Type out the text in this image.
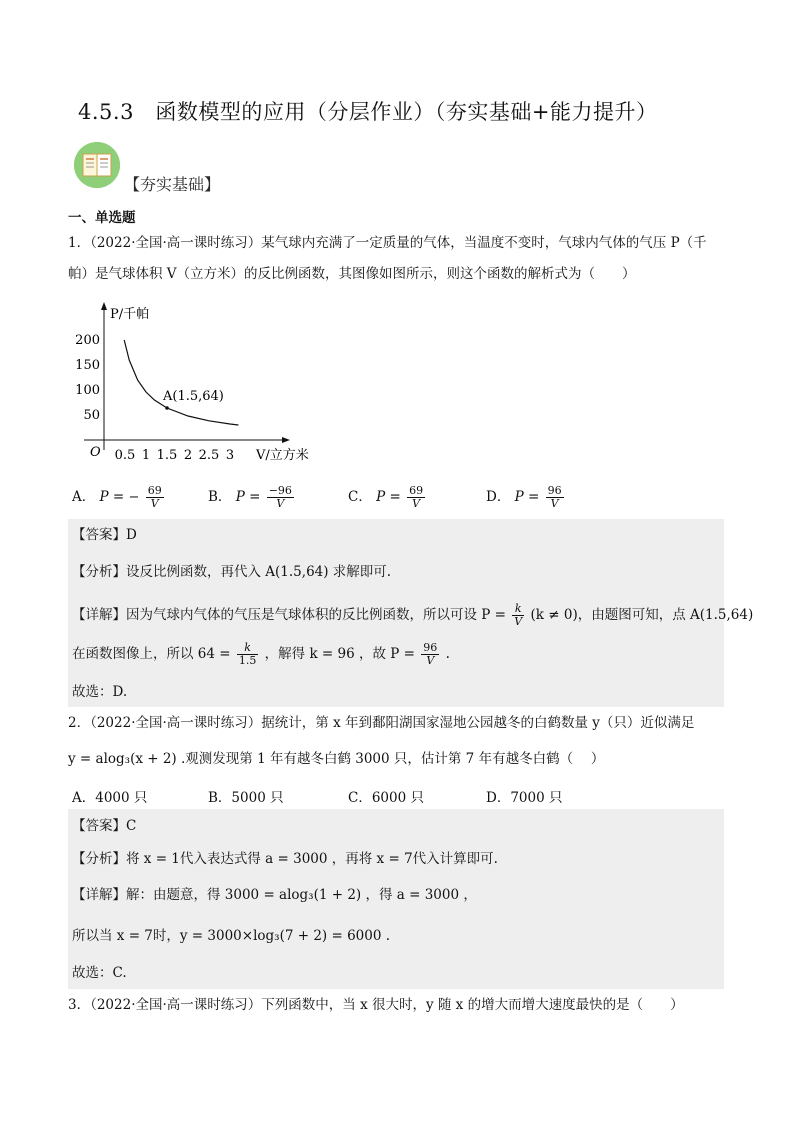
4.5.3　函数模型的应用（分层作业）（夯实基础+能力提升）
【夯实基础】
一、单选题
1．（2022·全国·高一课时练习）某气球内充满了一定质量的气体，当温度不变时，气球内气体的气压 P（千
帕）是气球体积 V（立方米）的反比例函数，其图像如图所示，则这个函数的解析式为（　　）
P/千帕
V/立方米
O 0.5 1 1.5 2 2.5 3
200
150
100
50
A(1.5,64)
A． P = − $\frac{69}{V}$	B． $P = \frac{-96}{V}$	C． $P = \frac{69}{V}$	D． $P = \frac{96}{V}$
【答案】D
【分析】设反比例函数，再代入 A(1.5,64) 求解即可.
【详解】因为气球内气体的气压是气球体积的反比例函数，所以可设 $P = \frac{k}{V} (k \ne 0)$，由题图可知，点 A(1.5,64)
在函数图像上，所以 $64 = \frac{k}{1.5}$ ，解得 k = 96 ，故 $P = \frac{96}{V}$ .
故选：D.
2．（2022·全国·高一课时练习）据统计，第 x 年到鄱阳湖国家湿地公园越冬的白鹤数量 y（只）近似满足
y = alog₃(x + 2) .观测发现第 1 年有越冬白鹤 3000 只，估计第 7 年有越冬白鹤（　 ）
A．4000 只	B．5000 只	C．6000 只	D．7000 只
【答案】C
【分析】将 x = 1代入表达式得 a = 3000 ，再将 x = 7代入计算即可.
【详解】解：由题意，得 3000 = alog₃(1 + 2) ，得 a = 3000 ，
所以当 x = 7时，y = 3000×log₃(7 + 2) = 6000 .
故选：C.
3．（2022·全国·高一课时练习）下列函数中，当 x 很大时，y 随 x 的增大而增大速度最快的是（　　）
